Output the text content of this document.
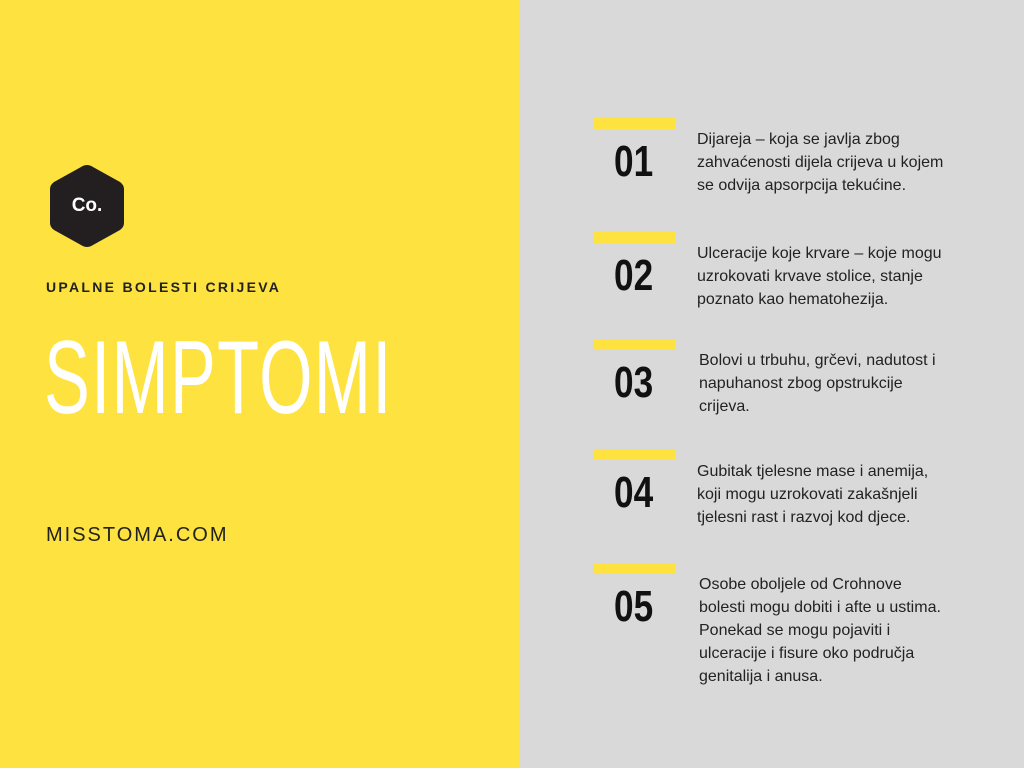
Co.
UPALNE BOLESTI CRIJEVA
SIMPTOMI
MISSTOMA.COM
01	Dijareja – koja se javlja zbog zahvaćenosti dijela crijeva u kojem se odvija apsorpcija tekućine.
02	Ulceracije koje krvare – koje mogu uzrokovati krvave stolice, stanje poznato kao hematohezija.
03	Bolovi u trbuhu, grčevi, nadutost i napuhanost zbog opstrukcije crijeva.
04	Gubitak tjelesne mase i anemija, koji mogu uzrokovati zakašnjeli tjelesni rast i razvoj kod djece.
05	Osobe oboljele od Crohnove bolesti mogu dobiti i afte u ustima. Ponekad se mogu pojaviti i ulceracije i fisure oko područja genitalija i anusa.
